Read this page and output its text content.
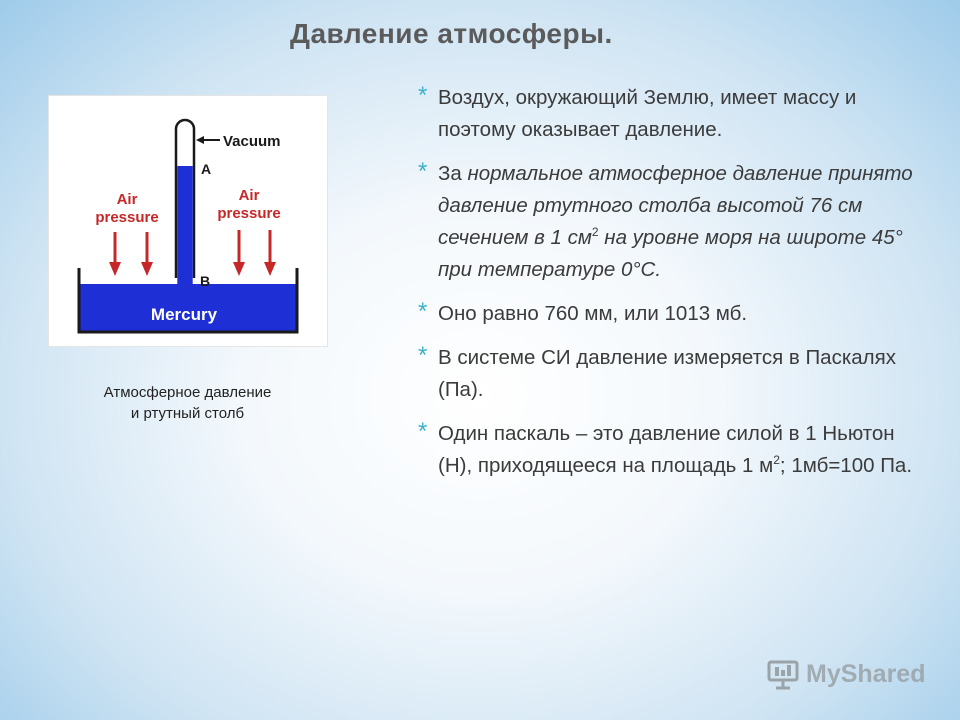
Давление атмосферы.
Vacuum
A
B
Air
pressure
Air
pressure
Mercury
Атмосферное давление
и ртутный столб
* Воздух, окружающий Землю, имеет массу и поэтому оказывает давление.
* За нормальное атмосферное давление принято давление ртутного столба высотой 76 см сечением в 1 $см^2$ на уровне моря на широте 45° при температуре 0°С.
* Оно равно 760 мм, или 1013 мб.
* В системе СИ давление измеряется в Паскалях (Па).
* Один паскаль – это давление силой в 1 Ньютон (Н), приходящееся на площадь 1 $м^2$; 1мб=100 Па.
MyShared
